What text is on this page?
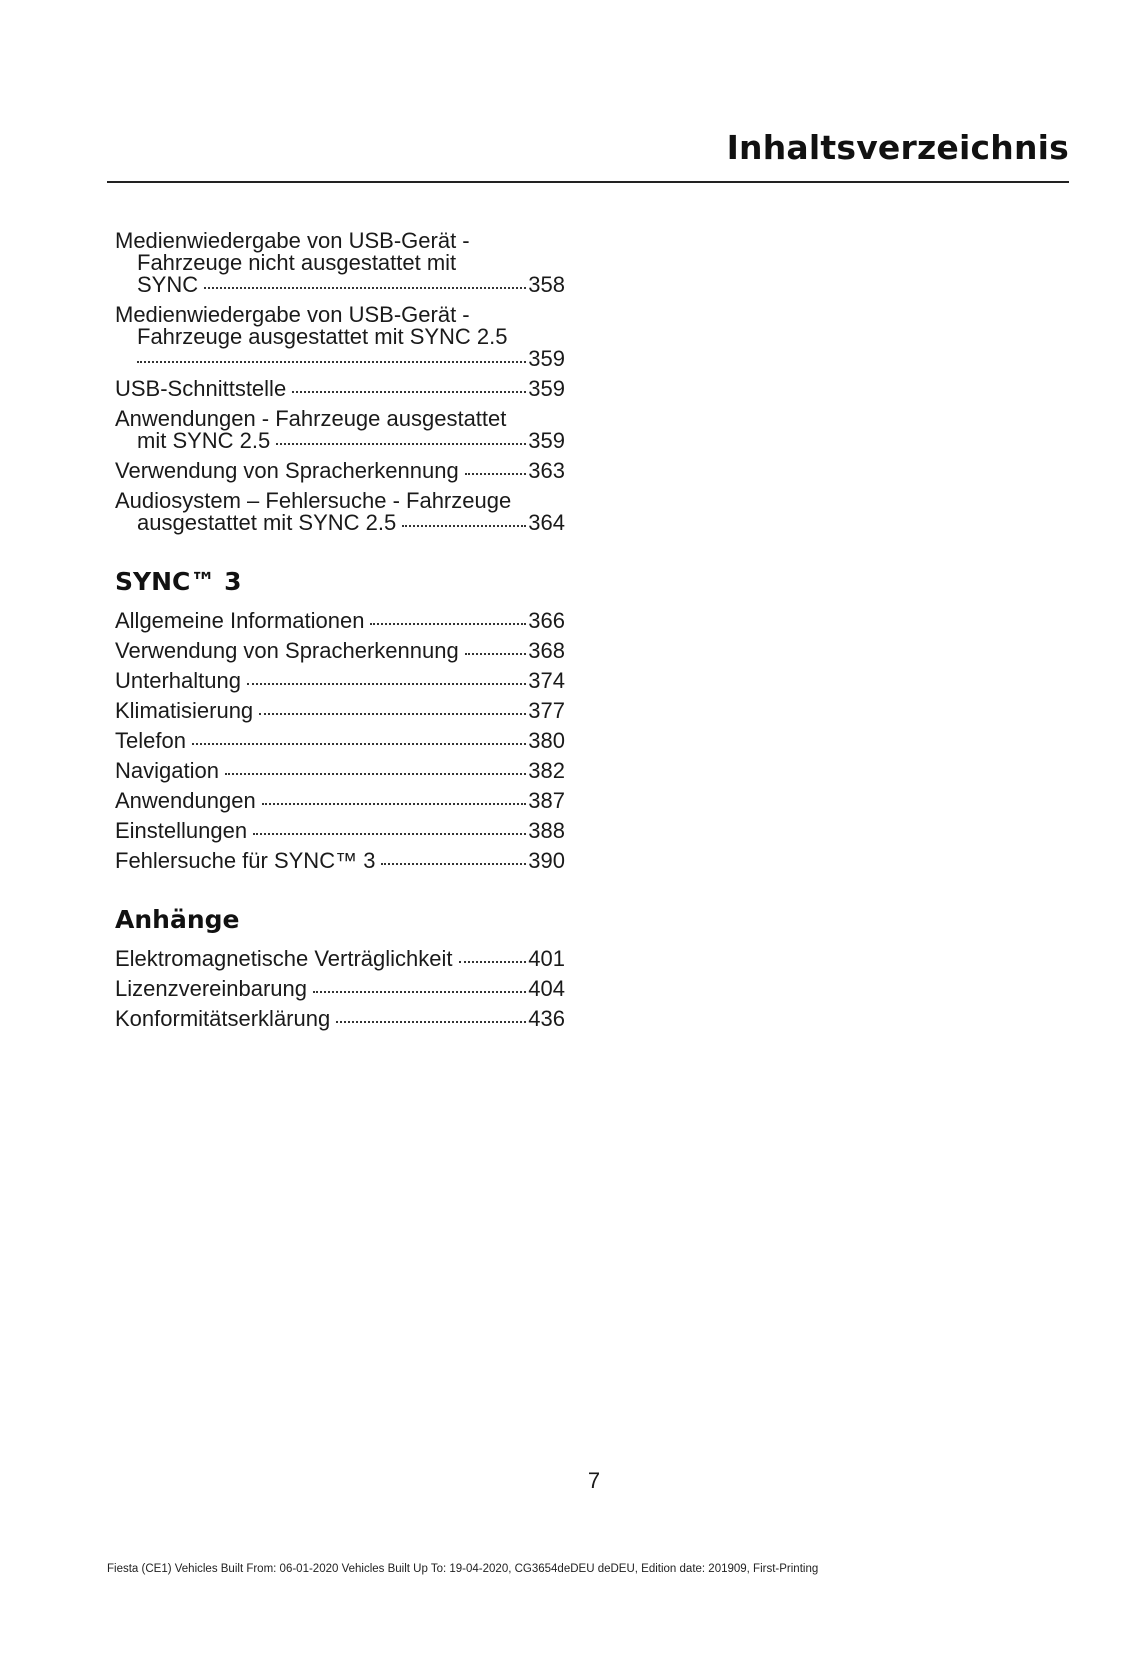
Inhaltsverzeichnis
Medienwiedergabe von USB-Gerät -
Fahrzeuge nicht ausgestattet mit
SYNC	358
Medienwiedergabe von USB-Gerät -
Fahrzeuge ausgestattet mit SYNC 2.5
359
USB-Schnittstelle	359
Anwendungen - Fahrzeuge ausgestattet
mit SYNC 2.5	359
Verwendung von Spracherkennung	363
Audiosystem – Fehlersuche - Fahrzeuge
ausgestattet mit SYNC 2.5	364
SYNC™ 3
Allgemeine Informationen	366
Verwendung von Spracherkennung	368
Unterhaltung	374
Klimatisierung	377
Telefon	380
Navigation	382
Anwendungen	387
Einstellungen	388
Fehlersuche für SYNC™ 3	390
Anhänge
Elektromagnetische Verträglichkeit	401
Lizenzvereinbarung	404
Konformitätserklärung	436
7
Fiesta (CE1) Vehicles Built From: 06-01-2020 Vehicles Built Up To: 19-04-2020, CG3654deDEU deDEU, Edition date: 201909, First-Printing
